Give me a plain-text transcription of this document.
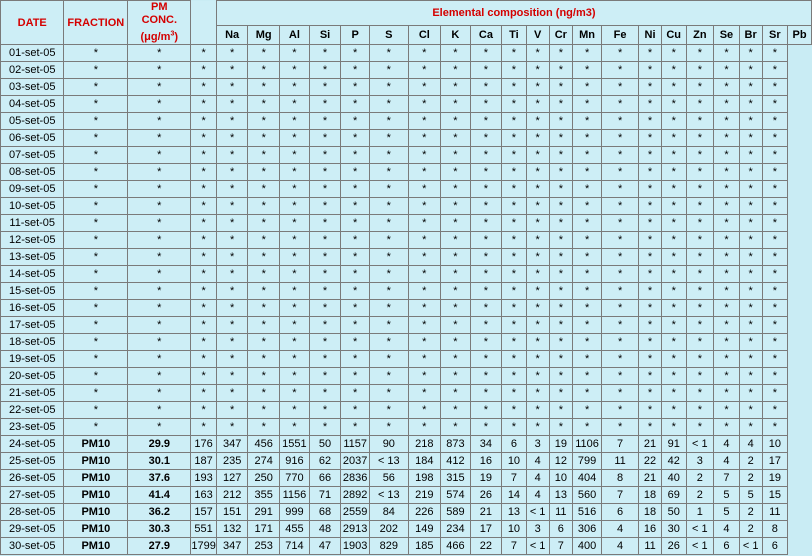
DATE	FRACTION	PM
CONC.
$(\mu g/m^3)$		Elemental composition (ng/m3)																				
				Na	Mg	Al	Si	P	S	Cl	K	Ca	Ti	V	Cr	Mn	Fe	Ni	Cu	Zn	Se	Br	Sr	Pb
01-set-05	*	*	*	*	*	*	*	*	*	*	*	*	*	*	*	*	*	*	*	*	*	*	*	
02-set-05	*	*	*	*	*	*	*	*	*	*	*	*	*	*	*	*	*	*	*	*	*	*	*	
03-set-05	*	*	*	*	*	*	*	*	*	*	*	*	*	*	*	*	*	*	*	*	*	*	*	
04-set-05	*	*	*	*	*	*	*	*	*	*	*	*	*	*	*	*	*	*	*	*	*	*	*	
05-set-05	*	*	*	*	*	*	*	*	*	*	*	*	*	*	*	*	*	*	*	*	*	*	*	
06-set-05	*	*	*	*	*	*	*	*	*	*	*	*	*	*	*	*	*	*	*	*	*	*	*	
07-set-05	*	*	*	*	*	*	*	*	*	*	*	*	*	*	*	*	*	*	*	*	*	*	*	
08-set-05	*	*	*	*	*	*	*	*	*	*	*	*	*	*	*	*	*	*	*	*	*	*	*	
09-set-05	*	*	*	*	*	*	*	*	*	*	*	*	*	*	*	*	*	*	*	*	*	*	*	
10-set-05	*	*	*	*	*	*	*	*	*	*	*	*	*	*	*	*	*	*	*	*	*	*	*	
11-set-05	*	*	*	*	*	*	*	*	*	*	*	*	*	*	*	*	*	*	*	*	*	*	*	
12-set-05	*	*	*	*	*	*	*	*	*	*	*	*	*	*	*	*	*	*	*	*	*	*	*	
13-set-05	*	*	*	*	*	*	*	*	*	*	*	*	*	*	*	*	*	*	*	*	*	*	*	
14-set-05	*	*	*	*	*	*	*	*	*	*	*	*	*	*	*	*	*	*	*	*	*	*	*	
15-set-05	*	*	*	*	*	*	*	*	*	*	*	*	*	*	*	*	*	*	*	*	*	*	*	
16-set-05	*	*	*	*	*	*	*	*	*	*	*	*	*	*	*	*	*	*	*	*	*	*	*	
17-set-05	*	*	*	*	*	*	*	*	*	*	*	*	*	*	*	*	*	*	*	*	*	*	*	
18-set-05	*	*	*	*	*	*	*	*	*	*	*	*	*	*	*	*	*	*	*	*	*	*	*	
19-set-05	*	*	*	*	*	*	*	*	*	*	*	*	*	*	*	*	*	*	*	*	*	*	*	
20-set-05	*	*	*	*	*	*	*	*	*	*	*	*	*	*	*	*	*	*	*	*	*	*	*	
21-set-05	*	*	*	*	*	*	*	*	*	*	*	*	*	*	*	*	*	*	*	*	*	*	*	
22-set-05	*	*	*	*	*	*	*	*	*	*	*	*	*	*	*	*	*	*	*	*	*	*	*	
23-set-05	*	*	*	*	*	*	*	*	*	*	*	*	*	*	*	*	*	*	*	*	*	*	*	
24-set-05	PM10	29.9	176	347	456	1551	50	1157	90	218	873	34	6	3	19	1106	7	21	91	< 1	4	4	10	
25-set-05	PM10	30.1	187	235	274	916	62	2037	< 13	184	412	16	10	4	12	799	11	22	42	3	4	2	17	
26-set-05	PM10	37.6	193	127	250	770	66	2836	56	198	315	19	7	4	10	404	8	21	40	2	7	2	19	
27-set-05	PM10	41.4	163	212	355	1156	71	2892	< 13	219	574	26	14	4	13	560	7	18	69	2	5	5	15	
28-set-05	PM10	36.2	157	151	291	999	68	2559	84	226	589	21	13	< 1	11	516	6	18	50	1	5	2	11	
29-set-05	PM10	30.3	551	132	171	455	48	2913	202	149	234	17	10	3	6	306	4	16	30	< 1	4	2	8	
30-set-05	PM10	27.9	1799	347	253	714	47	1903	829	185	466	22	7	< 1	7	400	4	11	26	< 1	6	< 1	6	
